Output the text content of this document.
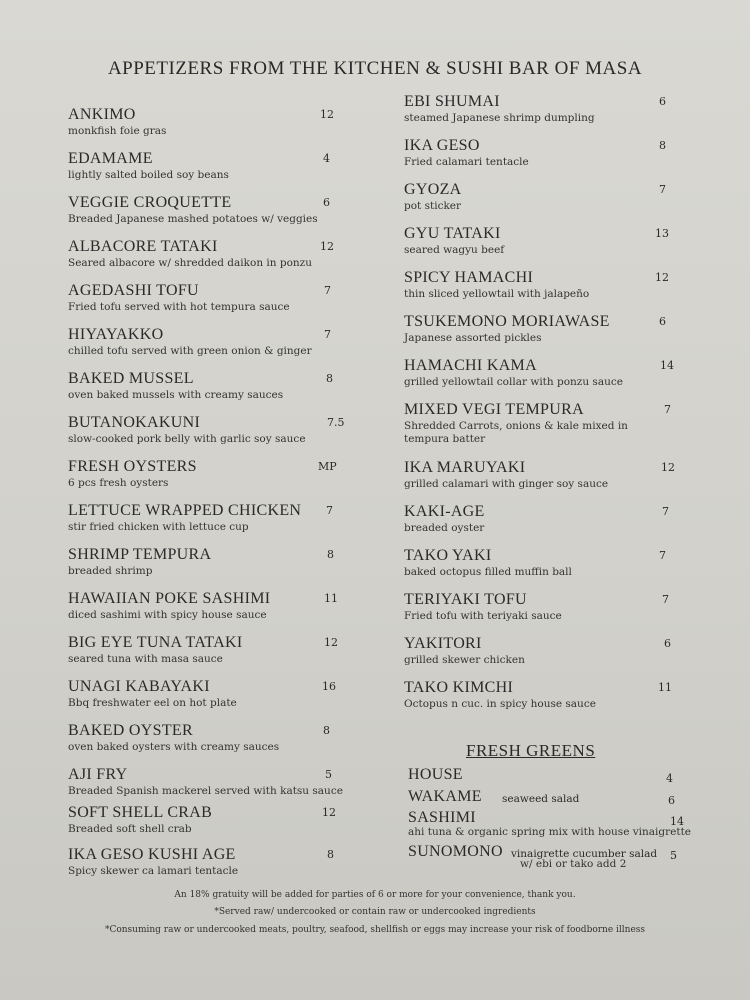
APPETIZERS FROM THE KITCHEN & SUSHI BAR OF MASA
ANKIMO	12
monkfish foie gras
EDAMAME	4
lightly salted boiled soy beans
VEGGIE CROQUETTE	6
Breaded Japanese mashed potatoes w/ veggies
ALBACORE TATAKI	12
Seared albacore w/ shredded daikon in ponzu
AGEDASHI TOFU	7
Fried tofu served with hot tempura sauce
HIYAYAKKO	7
chilled tofu served with green onion & ginger
BAKED MUSSEL	8
oven baked mussels with creamy sauces
BUTANOKAKUNI	7.5
slow-cooked pork belly with garlic soy sauce
FRESH OYSTERS	MP
6 pcs fresh oysters
LETTUCE WRAPPED CHICKEN 7
stir fried chicken with lettuce cup
SHRIMP TEMPURA	8
breaded shrimp
HAWAIIAN POKE SASHIMI	11
diced sashimi with spicy house sauce
BIG EYE TUNA TATAKI	12
seared tuna with masa sauce
UNAGI KABAYAKI	16
Bbq freshwater eel on hot plate
BAKED OYSTER	8
oven baked oysters with creamy sauces
AJI FRY	5
Breaded Spanish mackerel served with katsu sauce
SOFT SHELL CRAB	12
Breaded soft shell crab
IKA GESO KUSHI AGE	8
Spicy skewer ca lamari tentacle
EBI SHUMAI	6
steamed Japanese shrimp dumpling
IKA GESO	8
Fried calamari tentacle
GYOZA	7
pot sticker
GYU TATAKI	13
seared wagyu beef
SPICY HAMACHI	12
thin sliced yellowtail with jalapeño
TSUKEMONO MORIAWASE	6
Japanese assorted pickles
HAMACHI KAMA	14
grilled yellowtail collar with ponzu sauce
MIXED VEGI TEMPURA	7
Shredded Carrots, onions & kale mixed in tempura batter
IKA MARUYAKI	12
grilled calamari with ginger soy sauce
KAKI-AGE	7
breaded oyster
TAKO YAKI	7
baked octopus filled muffin ball
TERIYAKI TOFU	7
Fried tofu with teriyaki sauce
YAKITORI	6
grilled skewer chicken
TAKO KIMCHI	11
Octopus n cuc. in spicy house sauce
FRESH GREENS
HOUSE	4
WAKAME	6
seaweed salad
SASHIMI	14
ahi tuna & organic spring mix with house vinaigrette
SUNOMONO	5
vinaigrette cucumber salad
w/ ebi or tako add 2
An 18% gratuity will be added for parties of 6 or more for your convenience, thank you.
*Served raw/ undercooked or contain raw or undercooked ingredients
*Consuming raw or undercooked meats, poultry, seafood, shellfish or eggs may increase your risk of foodborne illness
